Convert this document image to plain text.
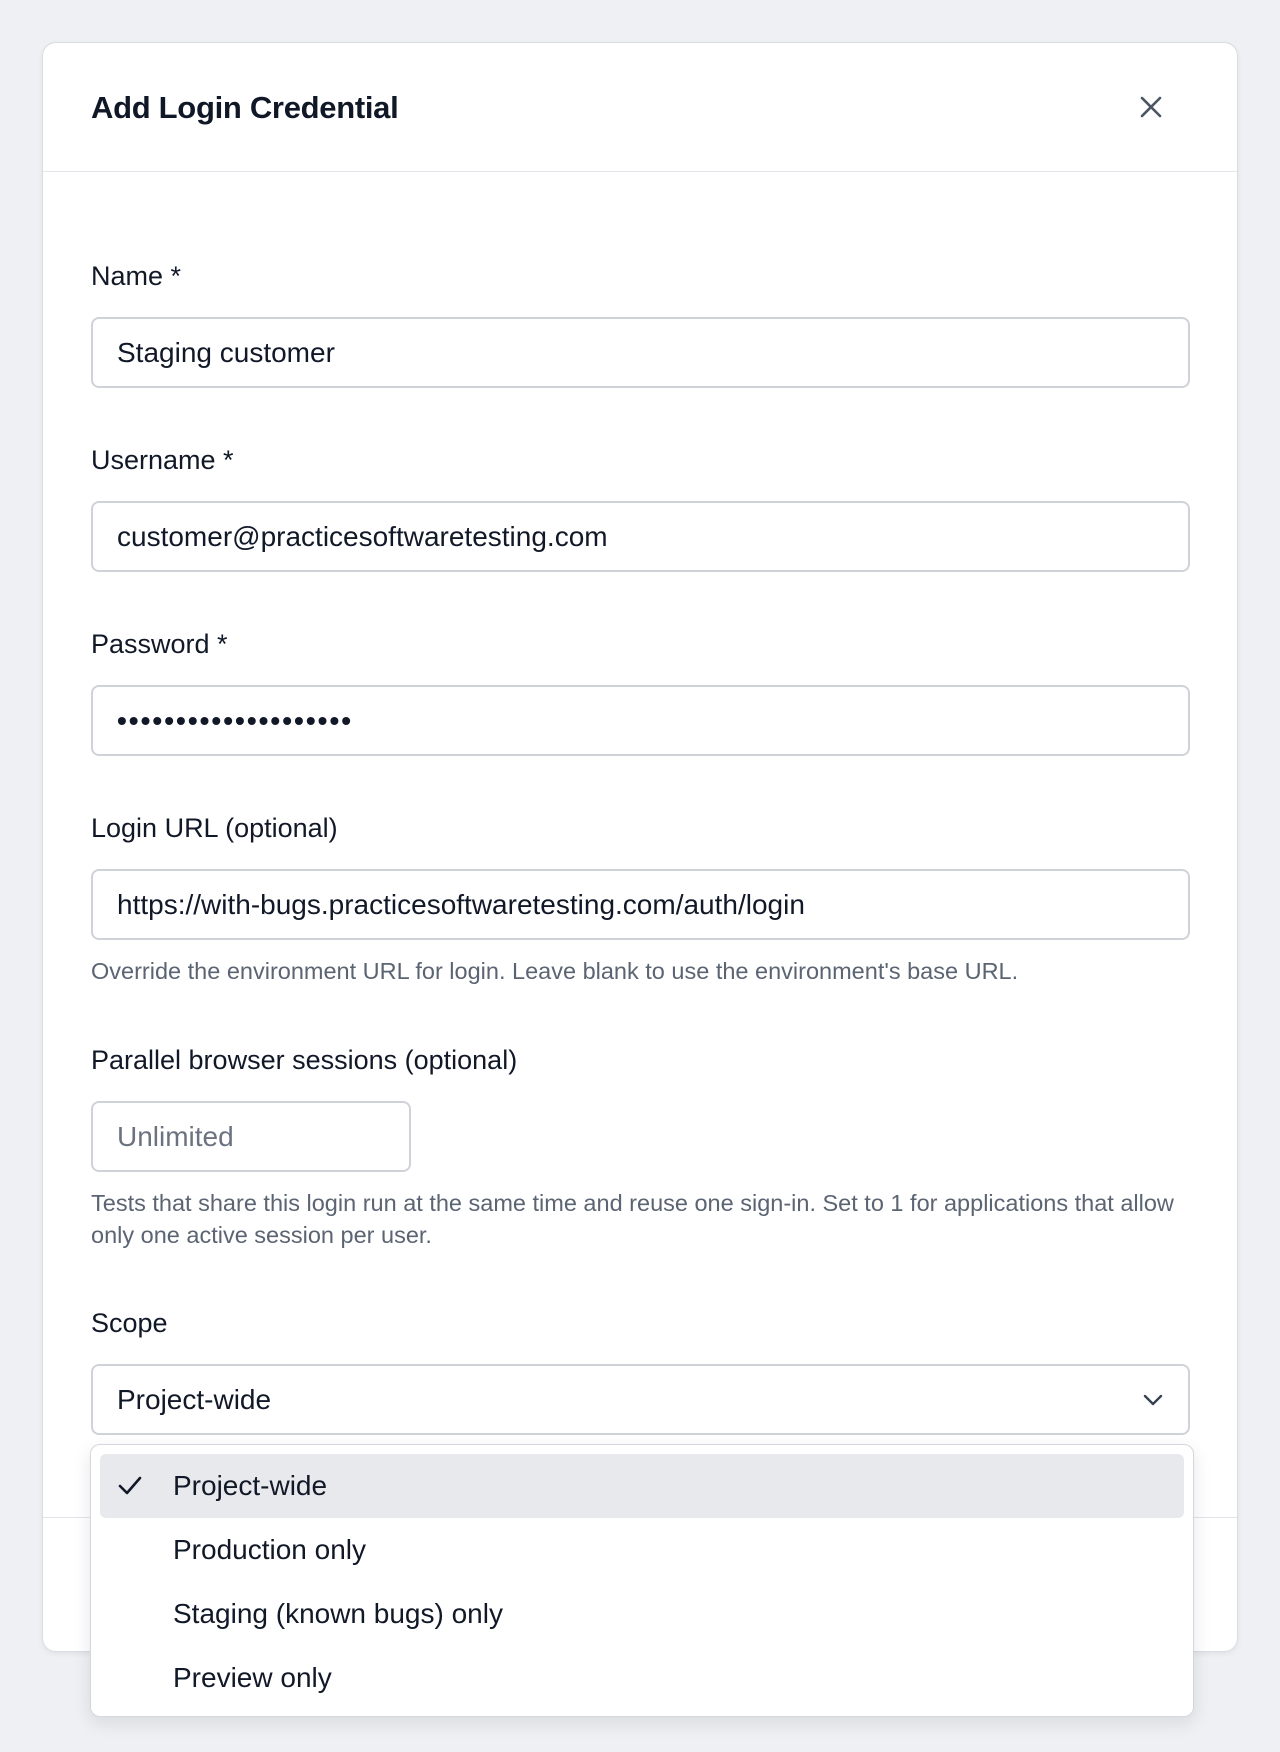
Add Login Credential
Name *
Staging customer
Username *
customer@practicesoftwaretesting.com
Password *
••••••••••••••••••••
Login URL (optional)
https://with-bugs.practicesoftwaretesting.com/auth/login
Override the environment URL for login. Leave blank to use the environment's base URL.
Parallel browser sessions (optional)
Unlimited
Tests that share this login run at the same time and reuse one sign-in. Set to 1 for applications that allow only one active session per user.
Scope
Project-wide
Project-wide
Production only
Staging (known bugs) only
Preview only
